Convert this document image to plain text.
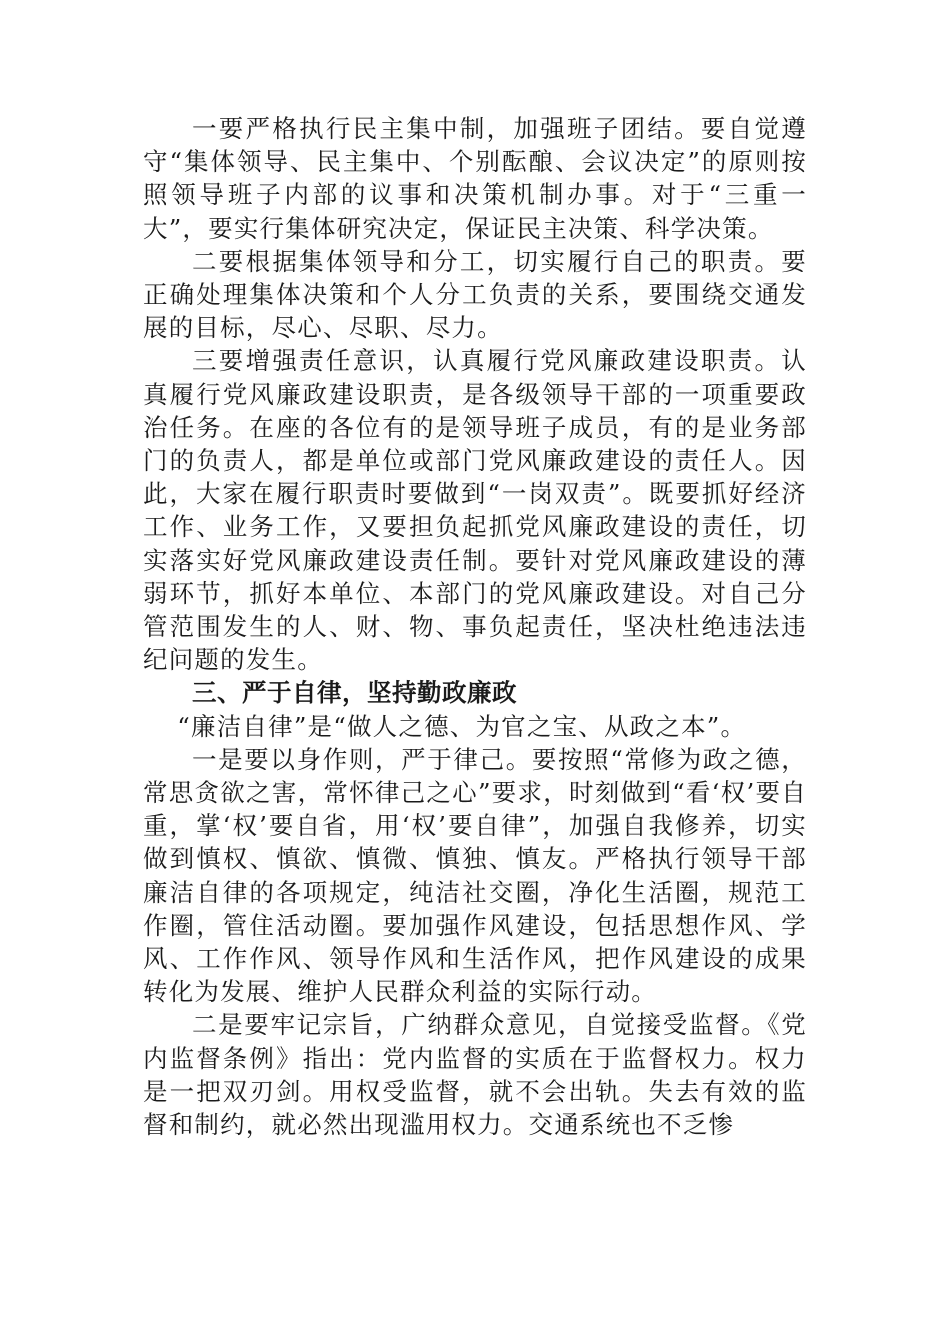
一要严格执行民主集中制，加强班子团结。要自觉遵守“集体领导、民主集中、个别酝酿、会议决定”的原则按照领导班子内部的议事和决策机制办事。对于“三重一大”，要实行集体研究决定，保证民主决策、科学决策。

二要根据集体领导和分工，切实履行自己的职责。要正确处理集体决策和个人分工负责的关系，要围绕交通发展的目标，尽心、尽职、尽力。

三要增强责任意识，认真履行党风廉政建设职责。认真履行党风廉政建设职责，是各级领导干部的一项重要政治任务。在座的各位有的是领导班子成员，有的是业务部门的负责人，都是单位或部门党风廉政建设的责任人。因此，大家在履行职责时要做到“一岗双责”。既要抓好经济工作、业务工作，又要担负起抓党风廉政建设的责任，切实落实好党风廉政建设责任制。要针对党风廉政建设的薄弱环节，抓好本单位、本部门的党风廉政建设。对自己分管范围发生的人、财、物、事负起责任，坚决杜绝违法违纪问题的发生。

三、严于自律，坚持勤政廉政

“廉洁自律”是“做人之德、为官之宝、从政之本”。

一是要以身作则，严于律己。要按照“常修为政之德，常思贪欲之害，常怀律己之心”要求，时刻做到“看‘权’要自重，掌‘权’要自省，用‘权’要自律”，加强自我修养，切实做到慎权、慎欲、慎微、慎独、慎友。严格执行领导干部廉洁自律的各项规定，纯洁社交圈，净化生活圈，规范工作圈，管住活动圈。要加强作风建设，包括思想作风、学风、工作作风、领导作风和生活作风，把作风建设的成果转化为发展、维护人民群众利益的实际行动。

二是要牢记宗旨，广纳群众意见，自觉接受监督。《党内监督条例》指出：党内监督的实质在于监督权力。权力是一把双刃剑。用权受监督，就不会出轨。失去有效的监督和制约，就必然出现滥用权力。交通系统也不乏惨
